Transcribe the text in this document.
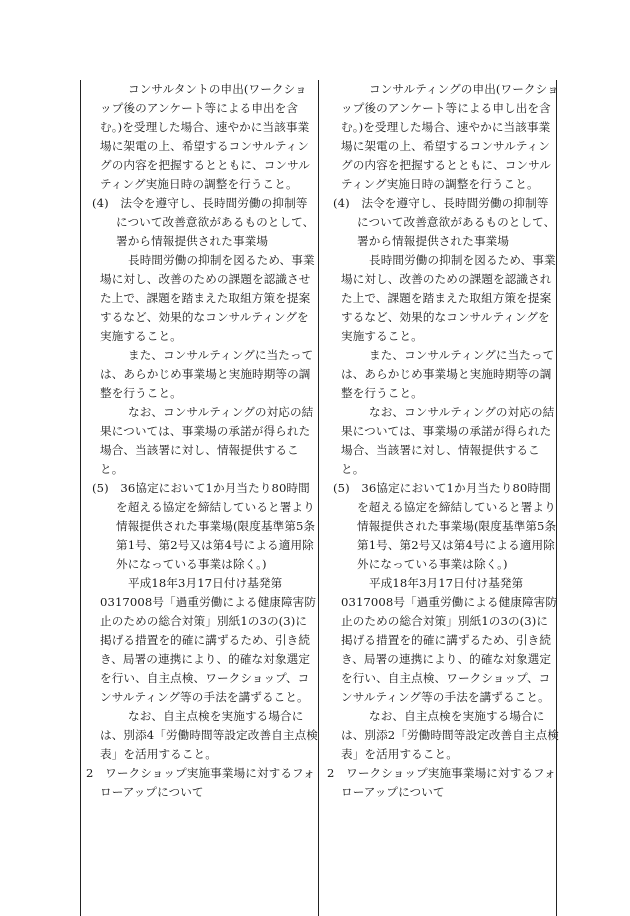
コンサルタントの申出(ワークショップ後のアンケート等による申出を含む。)を受理した場合、速やかに当該事業場に架電の上、希望するコンサルティングの内容を把握するとともに、コンサルティング実施日時の調整を行うこと。

(4)　法令を遵守し、長時間労働の抑制等について改善意欲があるものとして、署から情報提供された事業場

長時間労働の抑制を図るため、事業場に対し、改善のための課題を認識させた上で、課題を踏まえた取組方策を提案するなど、効果的なコンサルティングを実施すること。

また、コンサルティングに当たっては、あらかじめ事業場と実施時期等の調整を行うこと。

なお、コンサルティングの対応の結果については、事業場の承諾が得られた場合、当該署に対し、情報提供すること。

(5)　36協定において1か月当たり80時間を超える協定を締結していると署より情報提供された事業場(限度基準第5条第1号、第2号又は第4号による適用除外になっている事業は除く。)

平成18年3月17日付け基発第0317008号「過重労働による健康障害防止のための総合対策」別紙1の3の(3)に掲げる措置を的確に講ずるため、引き続き、局署の連携により、的確な対象選定を行い、自主点検、ワークショップ、コンサルティング等の手法を講ずること。

なお、自主点検を実施する場合には、別添4「労働時間等設定改善自主点検表」を活用すること。

2　ワークショップ実施事業場に対するフォローアップについて

コンサルティングの申出(ワークショップ後のアンケート等による申し出を含む。)を受理した場合、速やかに当該事業場に架電の上、希望するコンサルティングの内容を把握するとともに、コンサルティング実施日時の調整を行うこと。

(4)　法令を遵守し、長時間労働の抑制等について改善意欲があるものとして、署から情報提供された事業場

長時間労働の抑制を図るため、事業場に対し、改善のための課題を認識された上で、課題を踏まえた取組方策を提案するなど、効果的なコンサルティングを実施すること。

また、コンサルティングに当たっては、あらかじめ事業場と実施時期等の調整を行うこと。

なお、コンサルティングの対応の結果については、事業場の承諾が得られた場合、当該署に対し、情報提供すること。

(5)　36協定において1か月当たり80時間を超える協定を締結していると署より情報提供された事業場(限度基準第5条第1号、第2号又は第4号による適用除外になっている事業は除く。)

平成18年3月17日付け基発第0317008号「過重労働による健康障害防止のための総合対策」別紙1の3の(3)に掲げる措置を的確に講ずるため、引き続き、局署の連携により、的確な対象選定を行い、自主点検、ワークショップ、コンサルティング等の手法を講ずること。

なお、自主点検を実施する場合には、別添2「労働時間等設定改善自主点検表」を活用すること。

2　ワークショップ実施事業場に対するフォローアップについて
